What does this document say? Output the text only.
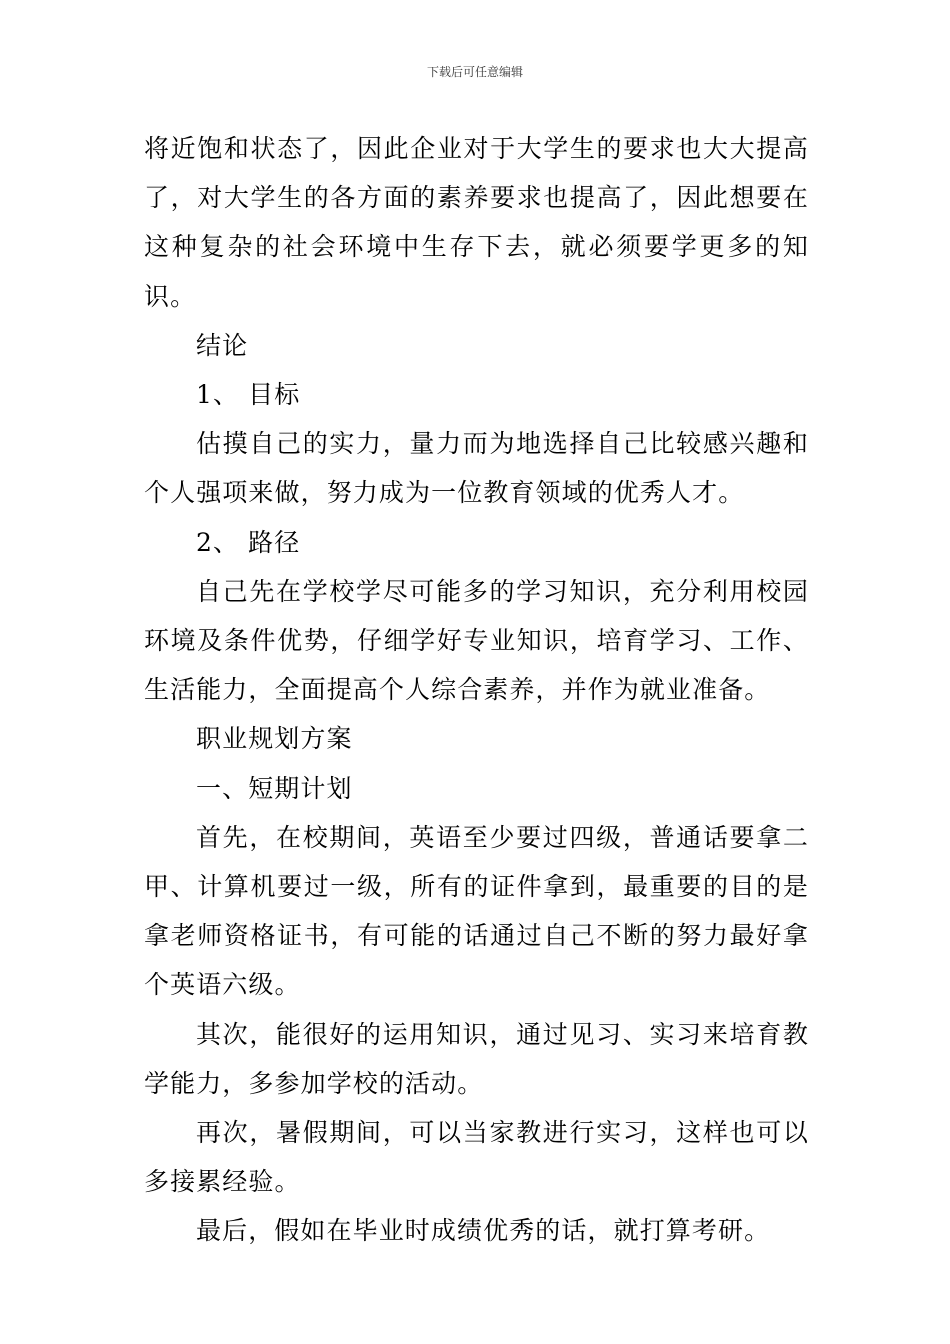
下载后可任意编辑

将近饱和状态了，因此企业对于大学生的要求也大大提高了，对大学生的各方面的素养要求也提高了，因此想要在这种复杂的社会环境中生存下去，就必须要学更多的知识。

结论

1、 目标

估摸自己的实力，量力而为地选择自己比较感兴趣和个人强项来做，努力成为一位教育领域的优秀人才。

2、 路径

自己先在学校学尽可能多的学习知识，充分利用校园环境及条件优势，仔细学好专业知识，培育学习、工作、生活能力，全面提高个人综合素养，并作为就业准备。

职业规划方案

一、短期计划

首先，在校期间，英语至少要过四级，普通话要拿二甲、计算机要过一级，所有的证件拿到，最重要的目的是拿老师资格证书，有可能的话通过自己不断的努力最好拿个英语六级。

其次，能很好的运用知识，通过见习、实习来培育教学能力，多参加学校的活动。

再次，暑假期间，可以当家教进行实习，这样也可以多接累经验。

最后，假如在毕业时成绩优秀的话，就打算考研。
